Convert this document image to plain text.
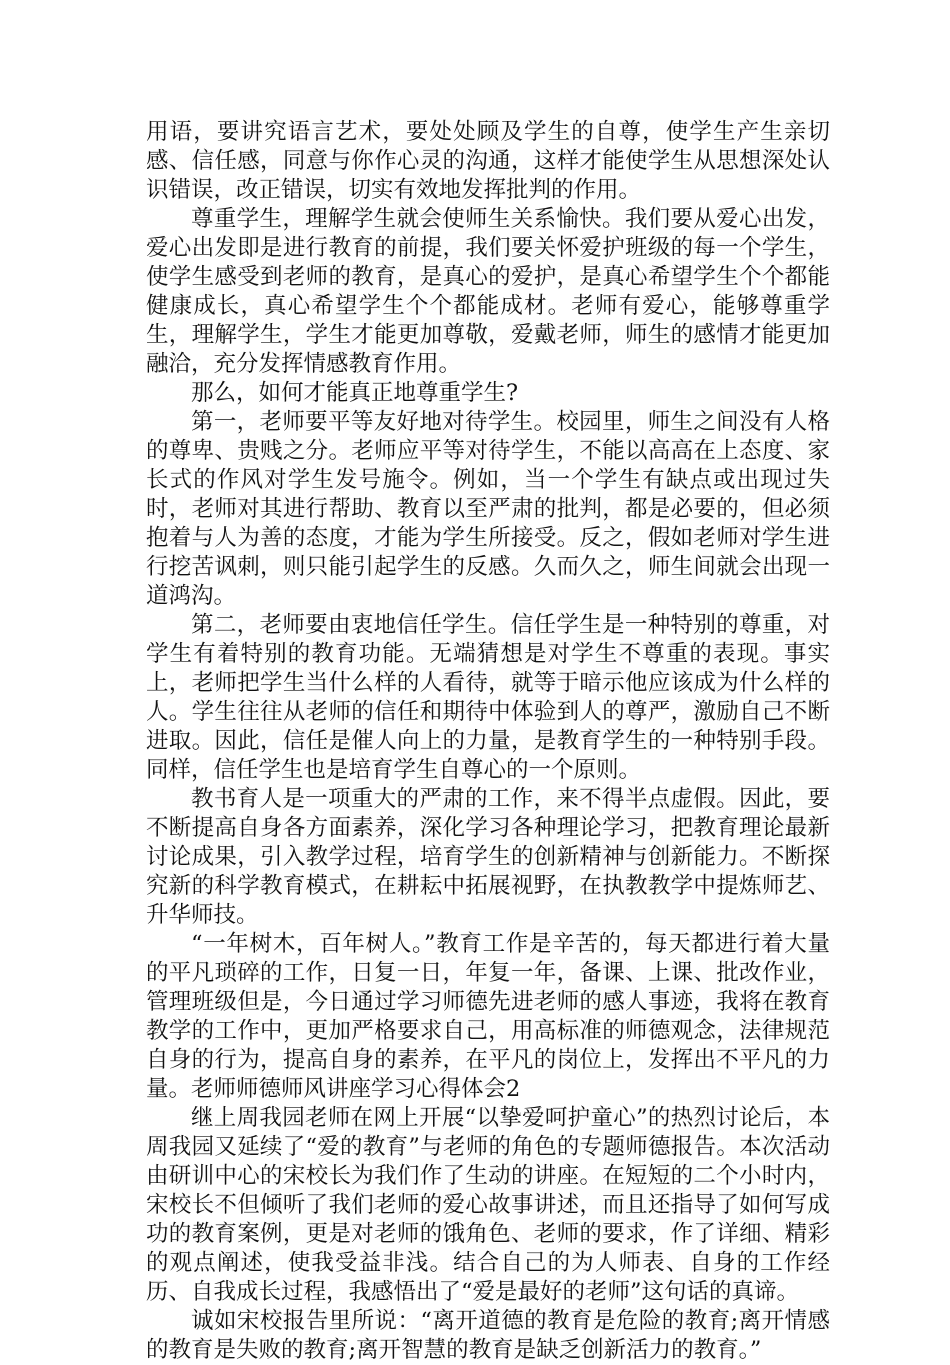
用语，要讲究语言艺术，要处处顾及学生的自尊，使学生产生亲切感、信任感，同意与你作心灵的沟通，这样才能使学生从思想深处认识错误，改正错误，切实有效地发挥批判的作用。

尊重学生，理解学生就会使师生关系愉快。我们要从爱心出发，爱心出发即是进行教育的前提，我们要关怀爱护班级的每一个学生，使学生感受到老师的教育，是真心的爱护，是真心希望学生个个都能健康成长，真心希望学生个个都能成材。老师有爱心，能够尊重学生，理解学生，学生才能更加尊敬，爱戴老师，师生的感情才能更加融洽，充分发挥情感教育作用。

那么，如何才能真正地尊重学生?

第一，老师要平等友好地对待学生。校园里，师生之间没有人格的尊卑、贵贱之分。老师应平等对待学生，不能以高高在上态度、家长式的作风对学生发号施令。例如，当一个学生有缺点或出现过失时，老师对其进行帮助、教育以至严肃的批判，都是必要的，但必须抱着与人为善的态度，才能为学生所接受。反之，假如老师对学生进行挖苦讽刺，则只能引起学生的反感。久而久之，师生间就会出现一道鸿沟。

第二，老师要由衷地信任学生。信任学生是一种特别的尊重，对学生有着特别的教育功能。无端猜想是对学生不尊重的表现。事实上，老师把学生当什么样的人看待，就等于暗示他应该成为什么样的人。学生往往从老师的信任和期待中体验到人的尊严，激励自己不断进取。因此，信任是催人向上的力量，是教育学生的一种特别手段。同样，信任学生也是培育学生自尊心的一个原则。

教书育人是一项重大的严肃的工作，来不得半点虚假。因此，要不断提高自身各方面素养，深化学习各种理论学习，把教育理论最新讨论成果，引入教学过程，培育学生的创新精神与创新能力。不断探究新的科学教育模式，在耕耘中拓展视野，在执教教学中提炼师艺、升华师技。

“一年树木，百年树人。”教育工作是辛苦的，每天都进行着大量的平凡琐碎的工作，日复一日，年复一年，备课、上课、批改作业，管理班级但是，今日通过学习师德先进老师的感人事迹，我将在教育教学的工作中，更加严格要求自己，用高标准的师德观念，法律规范自身的行为，提高自身的素养，在平凡的岗位上，发挥出不平凡的力量。老师师德师风讲座学习心得体会2

继上周我园老师在网上开展“以挚爱呵护童心”的热烈讨论后，本周我园又延续了“爱的教育”与老师的角色的专题师德报告。本次活动由研训中心的宋校长为我们作了生动的讲座。在短短的二个小时内，宋校长不但倾听了我们老师的爱心故事讲述，而且还指导了如何写成功的教育案例，更是对老师的饿角色、老师的要求，作了详细、精彩的观点阐述，使我受益非浅。结合自己的为人师表、自身的工作经历、自我成长过程，我感悟出了“爱是最好的老师”这句话的真谛。

诚如宋校报告里所说：“离开道德的教育是危险的教育;离开情感的教育是失败的教育;离开智慧的教育是缺乏创新活力的教育。”
